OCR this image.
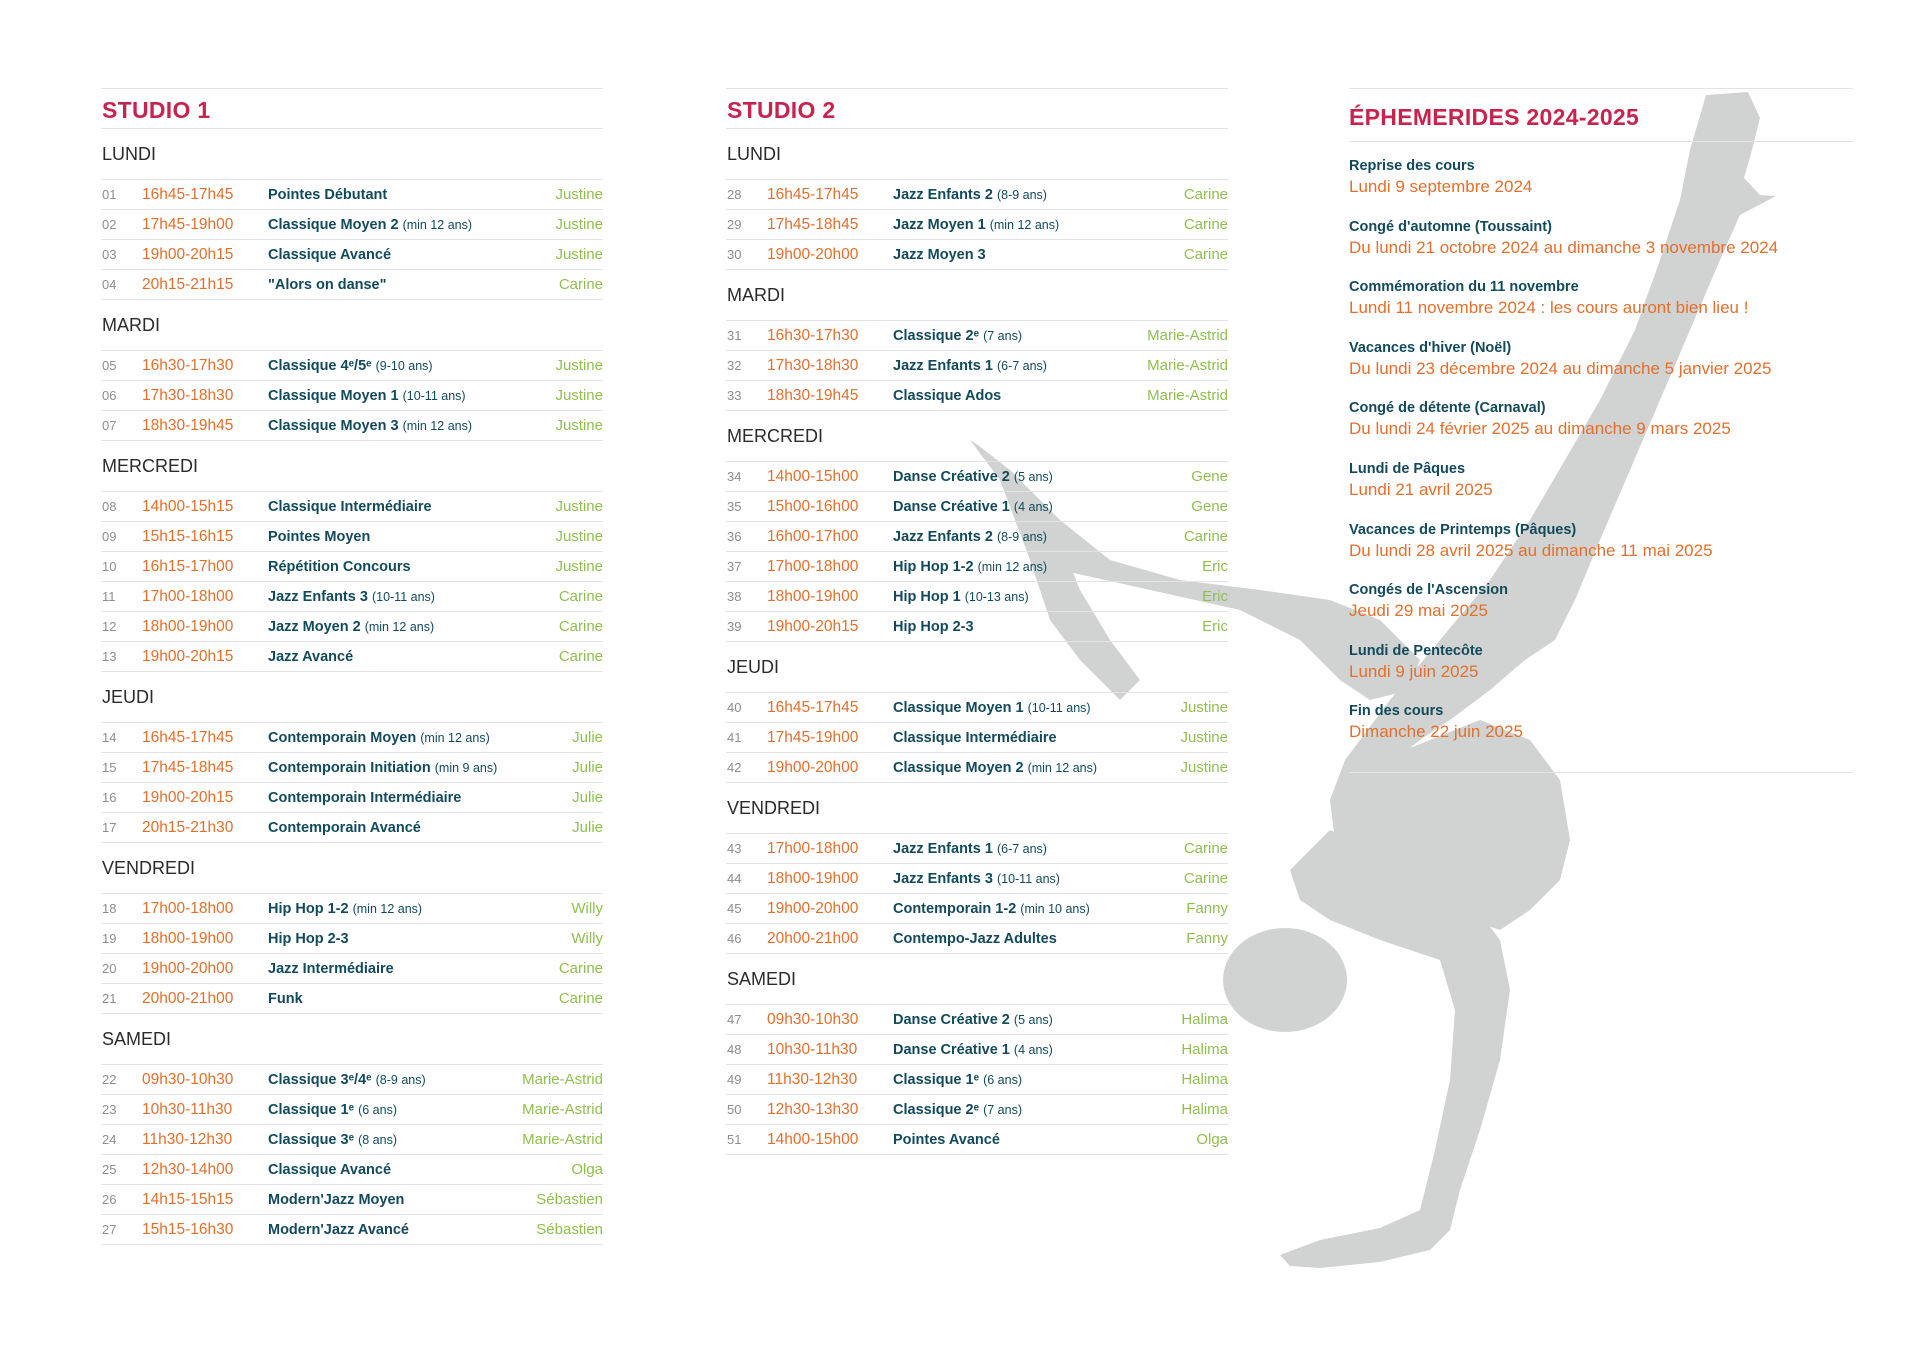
STUDIO 1
LUNDI
01	16h45-17h45	Pointes Débutant	Justine
02	17h45-19h00	Classique Moyen 2 (min 12 ans)	Justine
03	19h00-20h15	Classique Avancé	Justine
04	20h15-21h15	"Alors on danse"	Carine
MARDI
05	16h30-17h30	Classique 4ᵉ/5ᵉ (9-10 ans)	Justine
06	17h30-18h30	Classique Moyen 1 (10-11 ans)	Justine
07	18h30-19h45	Classique Moyen 3 (min 12 ans)	Justine
MERCREDI
08	14h00-15h15	Classique Intermédiaire	Justine
09	15h15-16h15	Pointes Moyen	Justine
10	16h15-17h00	Répétition Concours	Justine
11	17h00-18h00	Jazz Enfants 3 (10-11 ans)	Carine
12	18h00-19h00	Jazz Moyen 2 (min 12 ans)	Carine
13	19h00-20h15	Jazz Avancé	Carine
JEUDI
14	16h45-17h45	Contemporain Moyen (min 12 ans)	Julie
15	17h45-18h45	Contemporain Initiation (min 9 ans)	Julie
16	19h00-20h15	Contemporain Intermédiaire	Julie
17	20h15-21h30	Contemporain Avancé	Julie
VENDREDI
18	17h00-18h00	Hip Hop 1-2 (min 12 ans)	Willy
19	18h00-19h00	Hip Hop 2-3	Willy
20	19h00-20h00	Jazz Intermédiaire	Carine
21	20h00-21h00	Funk	Carine
SAMEDI
22	09h30-10h30	Classique 3ᵉ/4ᵉ (8-9 ans)	Marie-Astrid
23	10h30-11h30	Classique 1ᵉ (6 ans)	Marie-Astrid
24	11h30-12h30	Classique 3ᵉ (8 ans)	Marie-Astrid
25	12h30-14h00	Classique Avancé	Olga
26	14h15-15h15	Modern'Jazz Moyen	Sébastien
27	15h15-16h30	Modern'Jazz Avancé	Sébastien
STUDIO 2
LUNDI
28	16h45-17h45	Jazz Enfants 2 (8-9 ans)	Carine
29	17h45-18h45	Jazz Moyen 1 (min 12 ans)	Carine
30	19h00-20h00	Jazz Moyen 3	Carine
MARDI
31	16h30-17h30	Classique 2ᵉ (7 ans)	Marie-Astrid
32	17h30-18h30	Jazz Enfants 1 (6-7 ans)	Marie-Astrid
33	18h30-19h45	Classique Ados	Marie-Astrid
MERCREDI
34	14h00-15h00	Danse Créative 2 (5 ans)	Gene
35	15h00-16h00	Danse Créative 1 (4 ans)	Gene
36	16h00-17h00	Jazz Enfants 2 (8-9 ans)	Carine
37	17h00-18h00	Hip Hop 1-2 (min 12 ans)	Eric
38	18h00-19h00	Hip Hop 1 (10-13 ans)	Eric
39	19h00-20h15	Hip Hop 2-3	Eric
JEUDI
40	16h45-17h45	Classique Moyen 1 (10-11 ans)	Justine
41	17h45-19h00	Classique Intermédiaire	Justine
42	19h00-20h00	Classique Moyen 2 (min 12 ans)	Justine
VENDREDI
43	17h00-18h00	Jazz Enfants 1 (6-7 ans)	Carine
44	18h00-19h00	Jazz Enfants 3 (10-11 ans)	Carine
45	19h00-20h00	Contemporain 1-2 (min 10 ans)	Fanny
46	20h00-21h00	Contempo-Jazz Adultes	Fanny
SAMEDI
47	09h30-10h30	Danse Créative 2 (5 ans)	Halima
48	10h30-11h30	Danse Créative 1 (4 ans)	Halima
49	11h30-12h30	Classique 1ᵉ (6 ans)	Halima
50	12h30-13h30	Classique 2ᵉ (7 ans)	Halima
51	14h00-15h00	Pointes Avancé	Olga
ÉPHEMERIDES 2024-2025
Reprise des cours
Lundi 9 septembre 2024
Congé d'automne (Toussaint)
Du lundi 21 octobre 2024 au dimanche 3 novembre 2024
Commémoration du 11 novembre
Lundi 11 novembre 2024 : les cours auront bien lieu !
Vacances d'hiver (Noël)
Du lundi 23 décembre 2024 au dimanche 5 janvier 2025
Congé de détente (Carnaval)
Du lundi 24 février 2025 au dimanche 9 mars 2025
Lundi de Pâques
Lundi 21 avril 2025
Vacances de Printemps (Pâques)
Du lundi 28 avril 2025 au dimanche 11 mai 2025
Congés de l'Ascension
Jeudi 29 mai 2025
Lundi de Pentecôte
Lundi 9 juin 2025
Fin des cours
Dimanche 22 juin 2025
